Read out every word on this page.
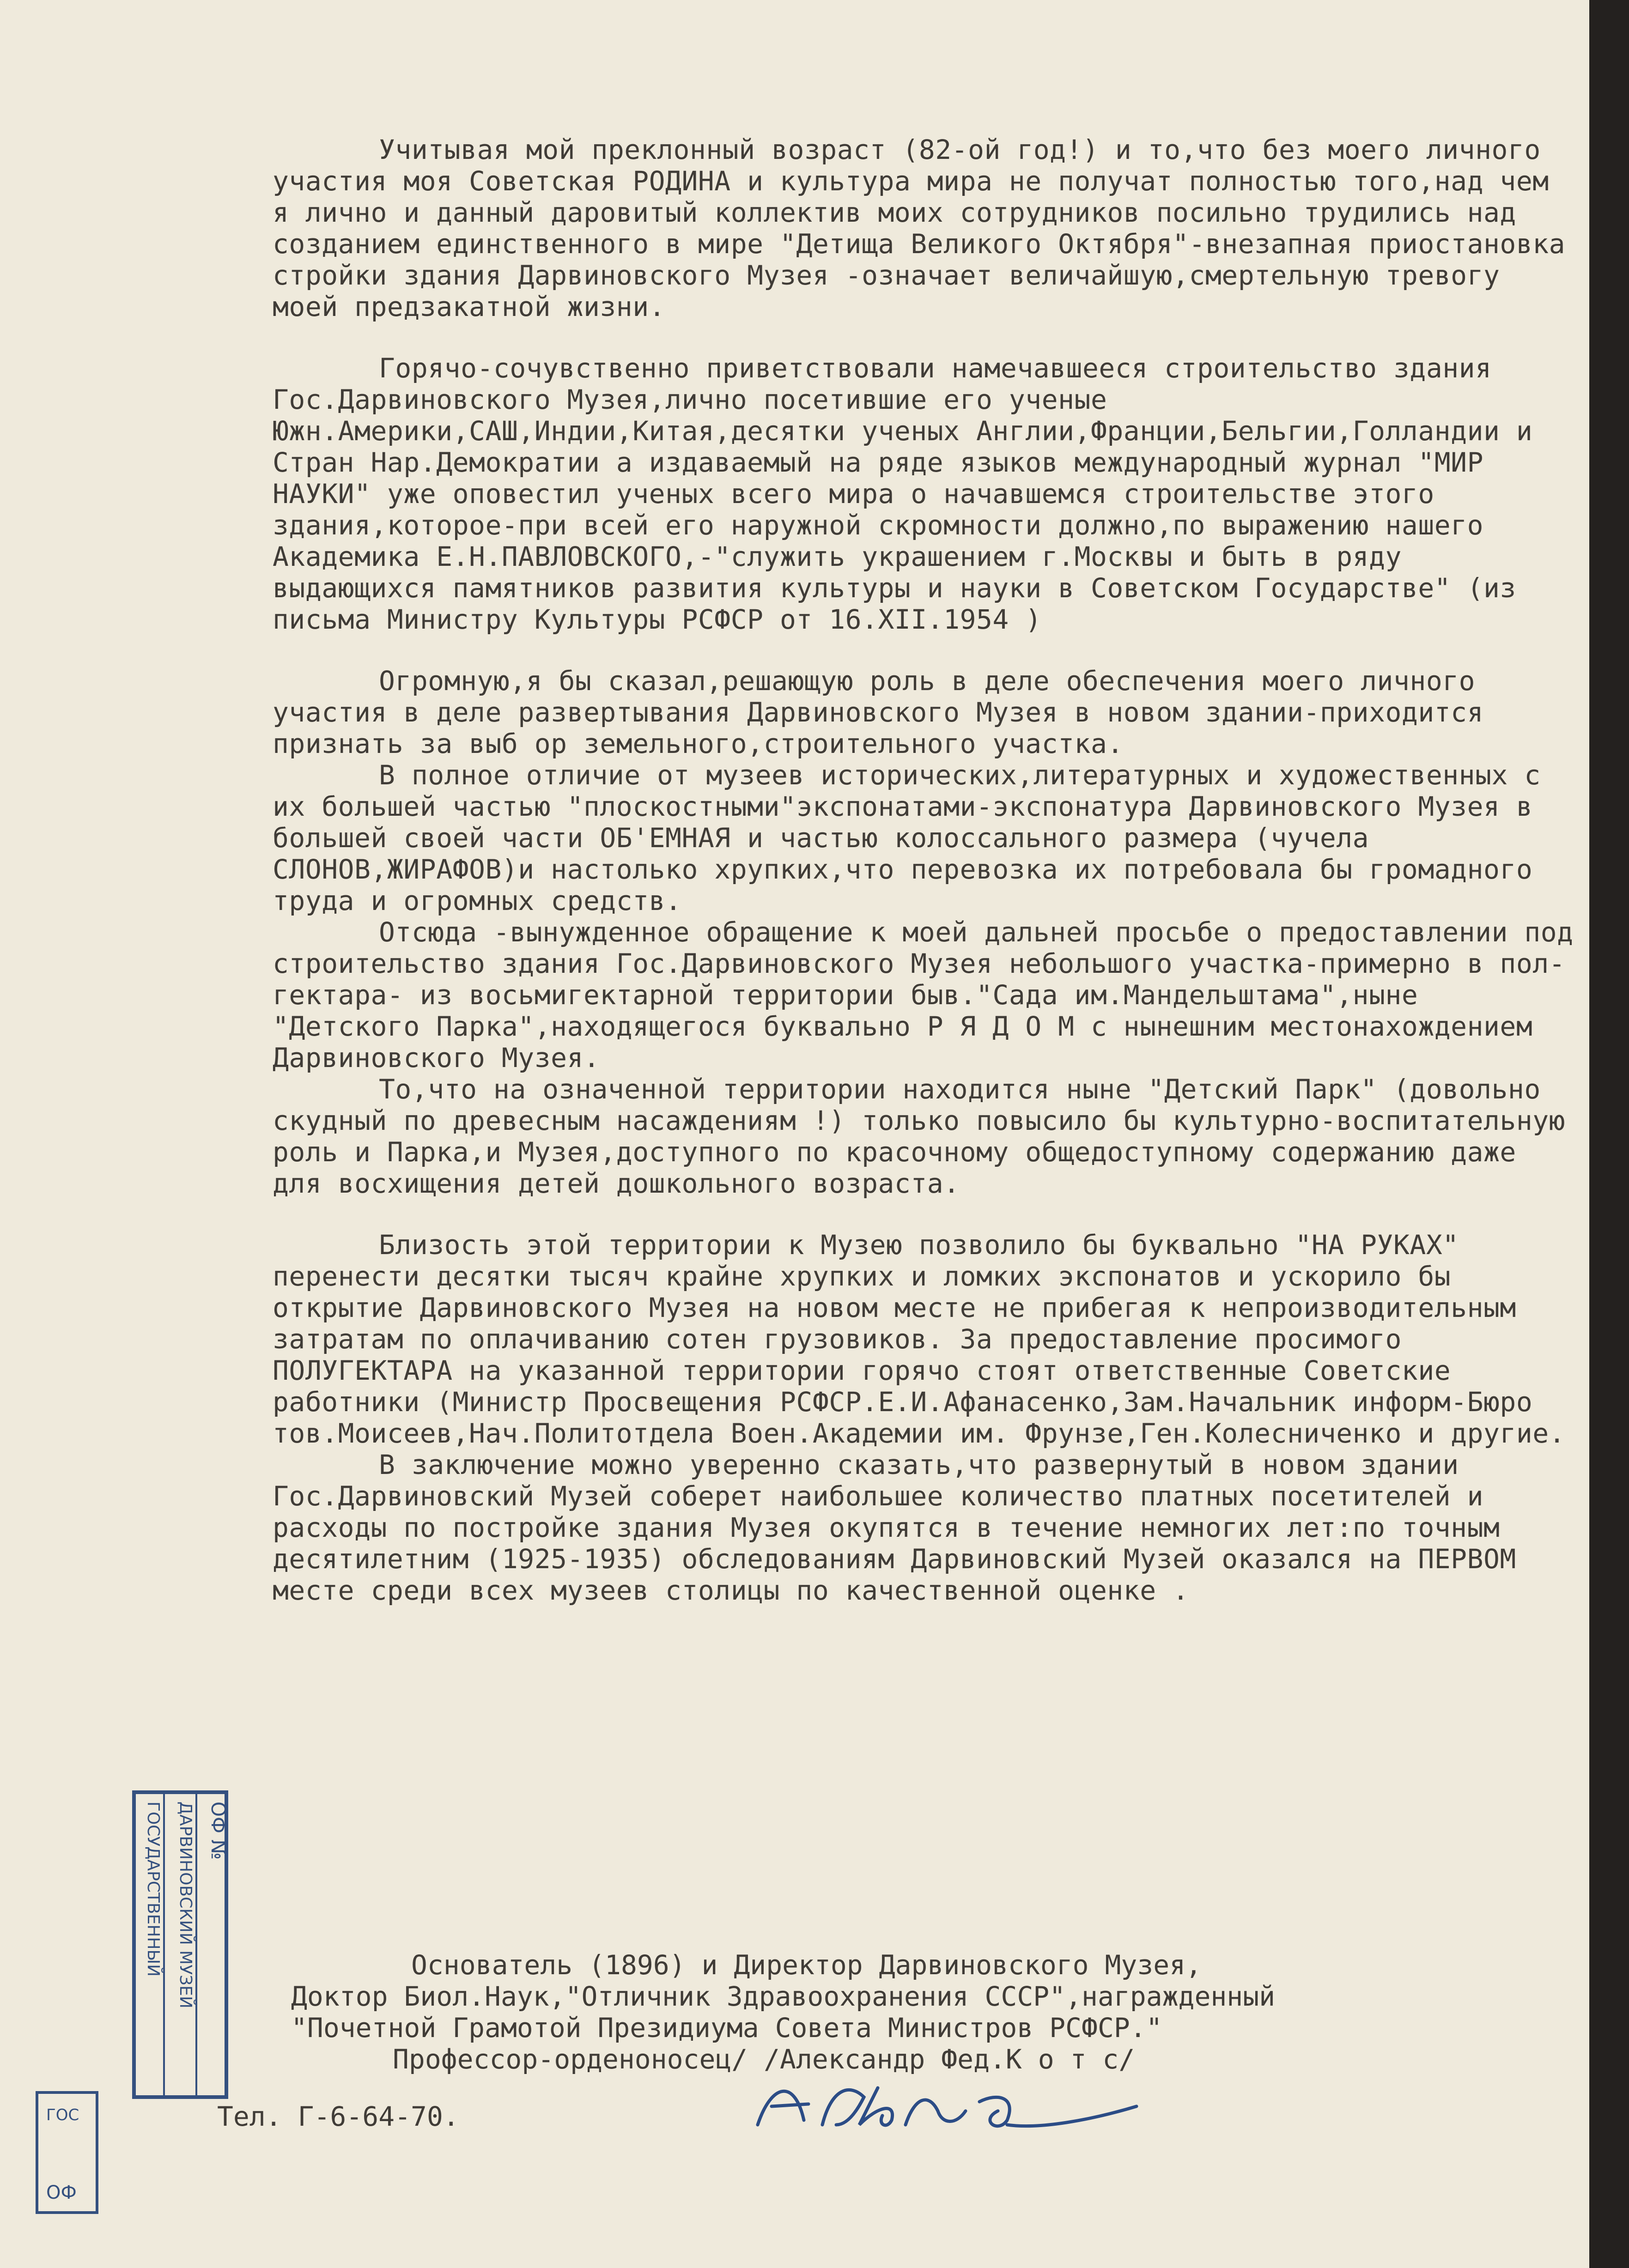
Учитывая мой преклонный возраст (82-ой год!) и то,что без моего личного участия моя Советская РОДИНА и культура мира не получат полностью того,над чем я лично и данный даровитый коллектив моих сотрудников посильно трудились над созданием единственного в мире "Детища Великого Октября"-внезапная приостановка стройки здания Дарвиновского Музея -означает величайшую,смертельную тревогу моей предзакатной жизни.

Горячо-сочувственно приветствовали намечавшееся строительство здания Гос.Дарвиновского Музея,лично посетившие его ученые Южн.Америки,САШ,Индии,Китая,десятки ученых Англии,Франции,Бельгии,Голландии и Стран Нар.Демократии а издаваемый на ряде языков международный журнал "МИР НАУКИ" уже оповестил ученых всего мира о начавшемся строительстве этого здания,которое-при всей его наружной скромности должно,по выражению нашего Академика Е.Н.ПАВЛОВСКОГО,-"служить украшением г.Москвы и быть в ряду выдающихся памятников развития культуры и науки в Советском Государстве" (из письма Министру Культуры РСФСР от 16.XII.1954 )

Огромную,я бы сказал,решающую роль в деле обеспечения моего личного участия в деле развертывания Дарвиновского Музея в новом здании-приходится признать за выб ор земельного,строительного участка.

В полное отличие от музеев исторических,литературных и художественных с их большей частью "плоскостными"экспонатами-экспонатура Дарвиновского Музея в большей своей части ОБ'ЕМНАЯ и частью колоссального размера (чучела СЛОНОВ,ЖИРАФОВ)и настолько хрупких,что перевозка их потребовала бы громадного труда и огромных средств.

Отсюда -вынужденное обращение к моей дальней просьбе о предоставлении под строительство здания Гос.Дарвиновского Музея небольшого участка-примерно в пол-гектара- из восьмигектарной территории быв."Сада им.Мандельштама",ныне "Детского Парка",находящегося буквально Р Я Д О М с нынешним местонахождением Дарвиновского Музея.

То,что на означенной территории находится ныне "Детский Парк" (довольно скудный по древесным насаждениям !) только повысило бы культурно-воспитательную роль и Парка,и Музея,доступного по красочному общедоступному содержанию даже для восхищения детей дошкольного возраста.

Близость этой территории к Музею позволило бы буквально "НА РУКАХ" перенести десятки тысяч крайне хрупких и ломких экспонатов и ускорило бы открытие Дарвиновского Музея на новом месте не прибегая к непроизводительным затратам по оплачиванию сотен грузовиков. За предоставление просимого ПОЛУГЕКТАРА на указанной территории горячо стоят ответственные Советские работники (Министр Просвещения РСФСР.Е.И.Афанасенко,Зам.Начальник информ-Бюро тов.Моисеев,Нач.Политотдела Воен.Академии им. Фрунзе,Ген.Колесниченко и другие.

В заключение можно уверенно сказать,что развернутый в новом здании Гос.Дарвиновский Музей соберет наибольшее количество платных посетителей и расходы по постройке здания Музея окупятся в течение немногих лет:по точным десятилетним (1925-1935) обследованиям Дарвиновский Музей оказался на ПЕРВОМ месте среди всех музеев столицы по качественной оценке .

Основатель (1896) и Директор Дарвиновского Музея,
Доктор Биол.Наук,"Отличник Здравоохранения СССР",награжденный
"Почетной Грамотой Президиума Совета Министров РСФСР."
Профессор-орденоносец/ /Александр Фед.К о т с/
Тел. Г-6-64-70.
ГОСУДАРСТВЕННЫЙ ДАРВИНОВСКИЙ МУЗЕЙ ОФ №
ГОС
ОФ
